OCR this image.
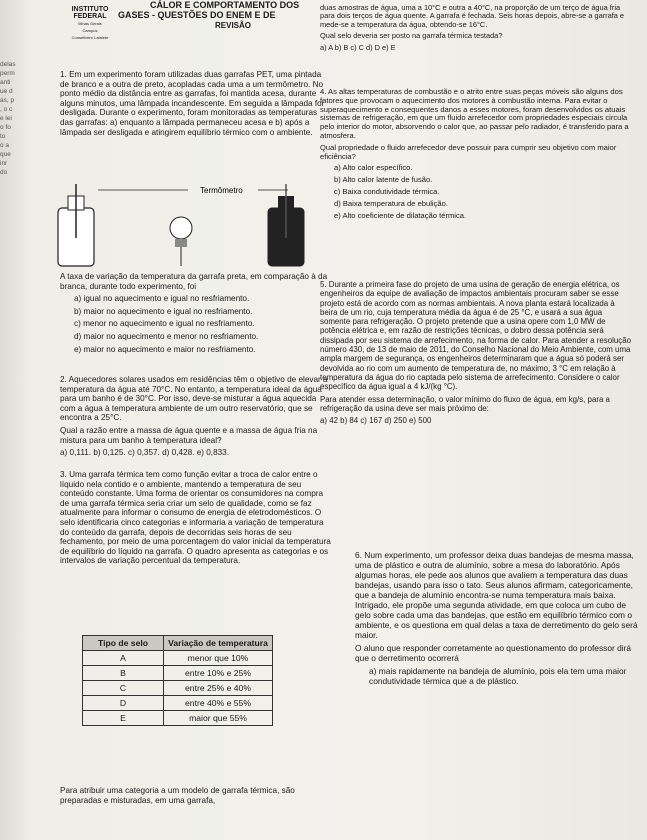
INSTITUTO
FEDERAL
Minas Gerais
Campus
Conselheiro Lafaiete
CÁLOR E COMPORTAMENTO DOS
GASES - QUESTÕES DO ENEM E DE
REVISÃO
delas
perm
anti
ue d
as, p
, o c
e lei
o fo
to
o a
que
inr
do

1. Em um experimento foram utilizadas duas garrafas PET, uma pintada de branco e a outra de preto, acopladas cada uma a um termômetro. No ponto médio da distância entre as garrafas, foi mantida acesa, durante alguns minutos, uma lâmpada incandescente. Em seguida a lâmpada foi desligada. Durante o experimento, foram monitoradas as temperaturas das garrafas: a) enquanto a lâmpada permaneceu acesa e b) após a lâmpada ser desligada e atingirem equilíbrio térmico com o ambiente.

Termômetro

A taxa de variação da temperatura da garrafa preta, em comparação à da branca, durante todo experimento, foi

a) igual no aquecimento e igual no resfriamento.

b) maior no aquecimento e igual no resfriamento.

c) menor no aquecimento e igual no resfriamento.

d) maior no aquecimento e menor no resfriamento.

e) maior no aquecimento e maior no resfriamento.

2. Aquecedores solares usados em residências têm o objetivo de elevar a temperatura da água até 70°C. No entanto, a temperatura ideal da água para um banho é de 30°C. Por isso, deve-se misturar a água aquecida com a água à temperatura ambiente de um outro reservatório, que se encontra a 25°C.

Qual a razão entre a massa de água quente e a massa de água fria na mistura para um banho à temperatura ideal?

a) 0,111. b) 0,125. c) 0,357. d) 0,428. e) 0,833.

3. Uma garrafa térmica tem como função evitar a troca de calor entre o líquido nela contido e o ambiente, mantendo a temperatura de seu conteúdo constante. Uma forma de orientar os consumidores na compra de uma garrafa térmica seria criar um selo de qualidade, como se faz atualmente para informar o consumo de energia de eletrodomésticos. O selo identificaria cinco categorias e informaria a variação de temperatura do conteúdo da garrafa, depois de decorridas seis horas de seu fechamento, por meio de uma porcentagem do valor inicial da temperatura de equilíbrio do líquido na garrafa. O quadro apresenta as categorias e os intervalos de variação percentual da temperatura.

Tipo de selo	Variação de temperatura
A	menor que 10%
B	entre 10% e 25%
C	entre 25% e 40%
D	entre 40% e 55%
E	maior que 55%

Para atribuir uma categoria a um modelo de garrafa térmica, são preparadas e misturadas, em uma garrafa,

duas amostras de água, uma a 10°C e outra a 40°C, na proporção de um terço de água fria para dois terços de água quente. A garrafa é fechada. Seis horas depois, abre-se a garrafa e mede-se a temperatura da água, obtendo-se 16°C.

Qual selo deveria ser posto na garrafa térmica testada?

a) A b) B c) C d) D e) E

4. As altas temperaturas de combustão e o atrito entre suas peças móveis são alguns dos fatores que provocam o aquecimento dos motores à combustão interna. Para evitar o superaquecimento e consequentes danos a esses motores, foram desenvolvidos os atuais sistemas de refrigeração, em que um fluido arrefecedor com propriedades especiais circula pelo interior do motor, absorvendo o calor que, ao passar pelo radiador, é transferido para a atmosfera.

Qual propriedade o fluido arrefecedor deve possuir para cumprir seu objetivo com maior eficiência?

a) Alto calor específico.

b) Alto calor latente de fusão.

c) Baixa condutividade térmica.

d) Baixa temperatura de ebulição.

e) Alto coeficiente de dilatação térmica.

5. Durante a primeira fase do projeto de uma usina de geração de energia elétrica, os engenheiros da equipe de avaliação de impactos ambientais procuram saber se esse projeto está de acordo com as normas ambientais. A nova planta estará localizada à beira de um rio, cuja temperatura média da água é de 25 °C, e usará a sua água somente para refrigeração. O projeto pretende que a usina opere com 1,0 MW de potência elétrica e, em razão de restrições técnicas, o dobro dessa potência será dissipada por seu sistema de arrefecimento, na forma de calor. Para atender a resolução número 430, de 13 de maio de 2011, do Conselho Nacional do Meio Ambiente, com uma ampla margem de segurança, os engenheiros determinaram que a água só poderá ser devolvida ao rio com um aumento de temperatura de, no máximo, 3 °C em relação à temperatura da água do rio captada pelo sistema de arrefecimento. Considere o calor específico da água igual a 4 kJ/(kg °C).

Para atender essa determinação, o valor mínimo do fluxo de água, em kg/s, para a refrigeração da usina deve ser mais próximo de:

a) 42 b) 84 c) 167 d) 250 e) 500

6. Num experimento, um professor deixa duas bandejas de mesma massa, uma de plástico e outra de alumínio, sobre a mesa do laboratório. Após algumas horas, ele pede aos alunos que avaliem a temperatura das duas bandejas, usando para isso o tato. Seus alunos afirmam, categoricamente, que a bandeja de alumínio encontra-se numa temperatura mais baixa. Intrigado, ele propõe uma segunda atividade, em que coloca um cubo de gelo sobre cada uma das bandejas, que estão em equilíbrio térmico com o ambiente, e os questiona em qual delas a taxa de derretimento do gelo será maior.

O aluno que responder corretamente ao questionamento do professor dirá que o derretimento ocorrerá

a) mais rapidamente na bandeja de alumínio, pois ela tem uma maior condutividade térmica que a de plástico.
